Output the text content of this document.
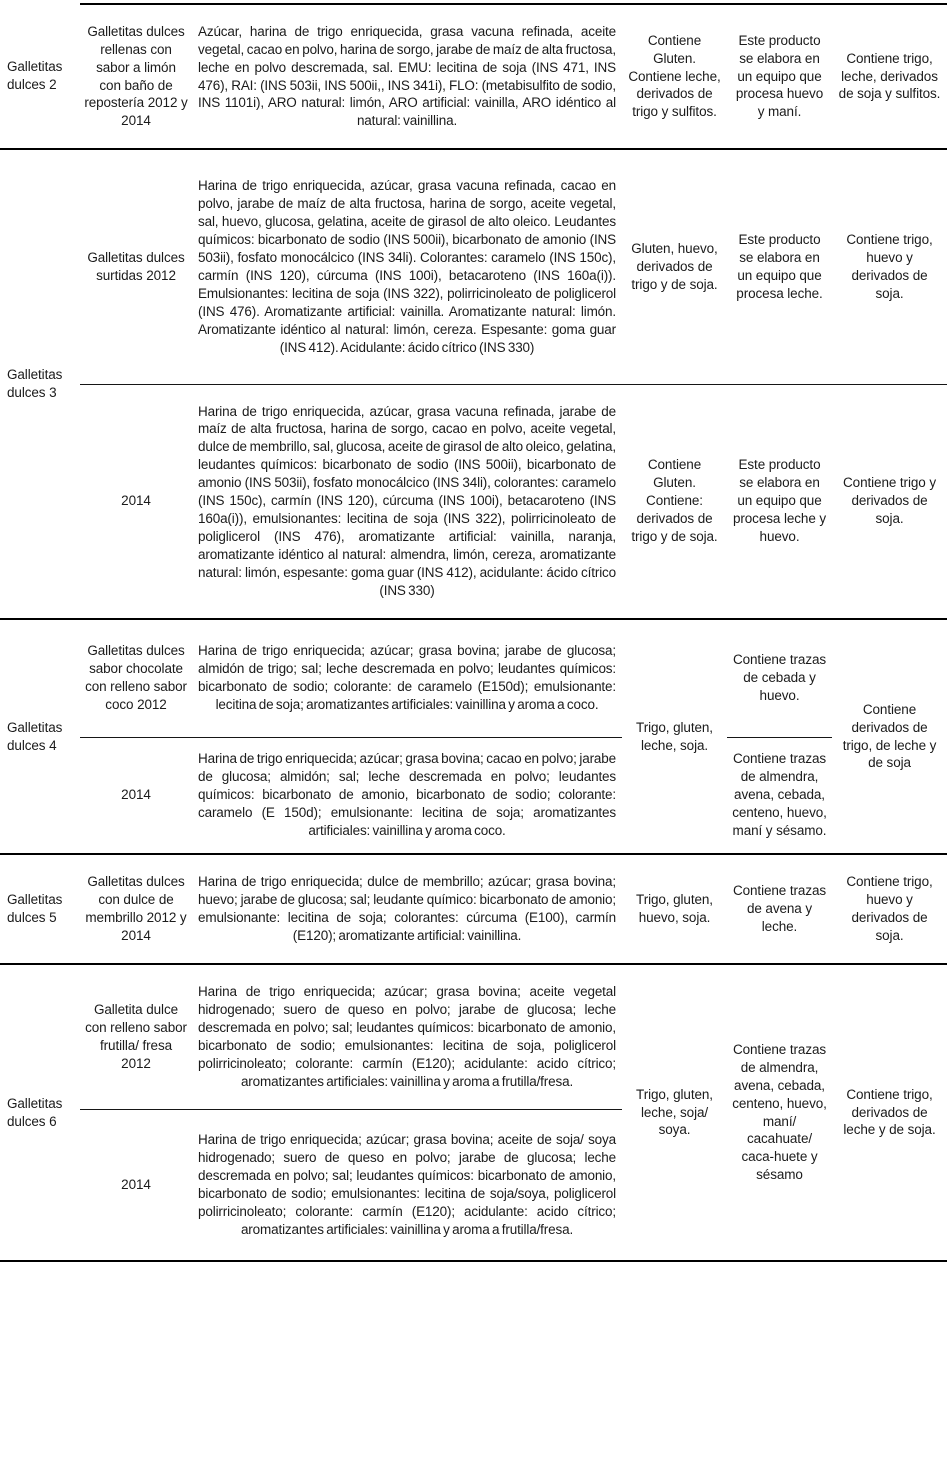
Galletitas dulces 2	Galletitas dulces rellenas con sabor a limón con baño de repostería 2012 y 2014	Azúcar, harina de trigo enriquecida, grasa vacuna refinada, aceite vegetal, cacao en polvo, harina de sorgo, jarabe de maíz de alta fructosa, leche en polvo descremada, sal. EMU: lecitina de soja (INS 471, INS 476), RAI: (INS 503ii, INS 500ii,, INS 341i), FLO: (metabisulfito de sodio, INS 1101i), ARO natural: limón, ARO artificial: vainilla, ARO idéntico al natural: vainillina.	Contiene Gluten. Contiene leche, derivados de trigo y sulfitos.	Este producto se elabora en un equipo que procesa huevo y maní.	Contiene trigo, leche, derivados de soja y sulfitos.
Galletitas dulces 3	Galletitas dulces surtidas 2012	Harina de trigo enriquecida, azúcar, grasa vacuna refinada, cacao en polvo, jarabe de maíz de alta fructosa, harina de sorgo, aceite vegetal, sal, huevo, glucosa, gelatina, aceite de girasol de alto oleico. Leudantes químicos: bicarbonato de sodio (INS 500ii), bicarbonato de amonio (INS 503ii), fosfato monocálcico (INS 34li). Colorantes: caramelo (INS 150c), carmín (INS 120), cúrcuma (INS 100i), betacaroteno (INS 160a(i)). Emulsionantes: lecitina de soja (INS 322), polirricinoleato de poliglicerol (INS 476). Aromatizante artificial: vainilla. Aromatizante natural: limón. Aromatizante idéntico al natural: limón, cereza. Espesante: goma guar (INS 412). Acidulante: ácido cítrico (INS 330)	Gluten, huevo, derivados de trigo y de soja.	Este producto se elabora en un equipo que procesa leche.	Contiene trigo, huevo y derivados de soja.
	2014	Harina de trigo enriquecida, azúcar, grasa vacuna refinada, jarabe de maíz de alta fructosa, harina de sorgo, cacao en polvo, aceite vegetal, dulce de membrillo, sal, glucosa, aceite de girasol de alto oleico, gelatina, leudantes químicos: bicarbonato de sodio (INS 500ii), bicarbonato de amonio (INS 503ii), fosfato monocálcico (INS 34li), colorantes: caramelo (INS 150c), carmín (INS 120), cúrcuma (INS 100i), betacaroteno (INS 160a(i)), emulsionantes: lecitina de soja (INS 322), polirricinoleato de poliglicerol (INS 476), aromatizante artificial: vainilla, naranja, aromatizante idéntico al natural: almendra, limón, cereza, aromatizante natural: limón, espesante: goma guar (INS 412), acidulante: ácido cítrico (INS 330)	Contiene Gluten. Contiene: derivados de trigo y de soja.	Este producto se elabora en un equipo que procesa leche y huevo.	Contiene trigo y derivados de soja.
Galletitas dulces 4	Galletitas dulces sabor chocolate con relleno sabor coco 2012	Harina de trigo enriquecida; azúcar; grasa bovina; jarabe de glucosa; almidón de trigo; sal; leche descremada en polvo; leudantes químicos: bicarbonato de sodio; colorante: de caramelo (E150d); emulsionante: lecitina de soja; aromatizantes artificiales: vainillina y aroma a coco.	Trigo, gluten, leche, soja.	Contiene trazas de cebada y huevo.	Contiene derivados de trigo, de leche y de soja
	2014	Harina de trigo enriquecida; azúcar; grasa bovina; cacao en polvo; jarabe de glucosa; almidón; sal; leche descremada en polvo; leudantes químicos: bicarbonato de amonio, bicarbonato de sodio; colorante: caramelo (E 150d); emulsionante: lecitina de soja; aromatizantes artificiales: vainillina y aroma coco.		Contiene trazas de almendra, avena, cebada, centeno, huevo, maní y sésamo.	
Galletitas dulces 5	Galletitas dulces con dulce de membrillo 2012 y 2014	Harina de trigo enriquecida; dulce de membrillo; azúcar; grasa bovina; huevo; jarabe de glucosa; sal; leudante químico: bicarbonato de amonio; emulsionante: lecitina de soja; colorantes: cúrcuma (E100), carmín (E120); aromatizante artificial: vainillina.	Trigo, gluten, huevo, soja.	Contiene trazas de avena y leche.	Contiene trigo, huevo y derivados de soja.
Galletitas dulces 6	Galletita dulce con relleno sabor frutilla/ fresa 2012	Harina de trigo enriquecida; azúcar; grasa bovina; aceite vegetal hidrogenado; suero de queso en polvo; jarabe de glucosa; leche descremada en polvo; sal; leudantes químicos: bicarbonato de amonio, bicarbonato de sodio; emulsionantes: lecitina de soja, poliglicerol polirricinoleato; colorante: carmín (E120); acidulante: acido cítrico; aromatizantes artificiales: vainillina y aroma a frutilla/fresa.	Trigo, gluten, leche, soja/ soya.	Contiene trazas de almendra, avena, cebada, centeno, huevo, maní/ cacahuate/ caca-huete y sésamo	Contiene trigo, derivados de leche y de soja.
	2014	Harina de trigo enriquecida; azúcar; grasa bovina; aceite de soja/ soya hidrogenado; suero de queso en polvo; jarabe de glucosa; leche descremada en polvo; sal; leudantes químicos: bicarbonato de amonio, bicarbonato de sodio; emulsionantes: lecitina de soja/soya, poliglicerol polirricinoleato; colorante: carmín (E120); acidulante: acido cítrico; aromatizantes artificiales: vainillina y aroma a frutilla/fresa.			
